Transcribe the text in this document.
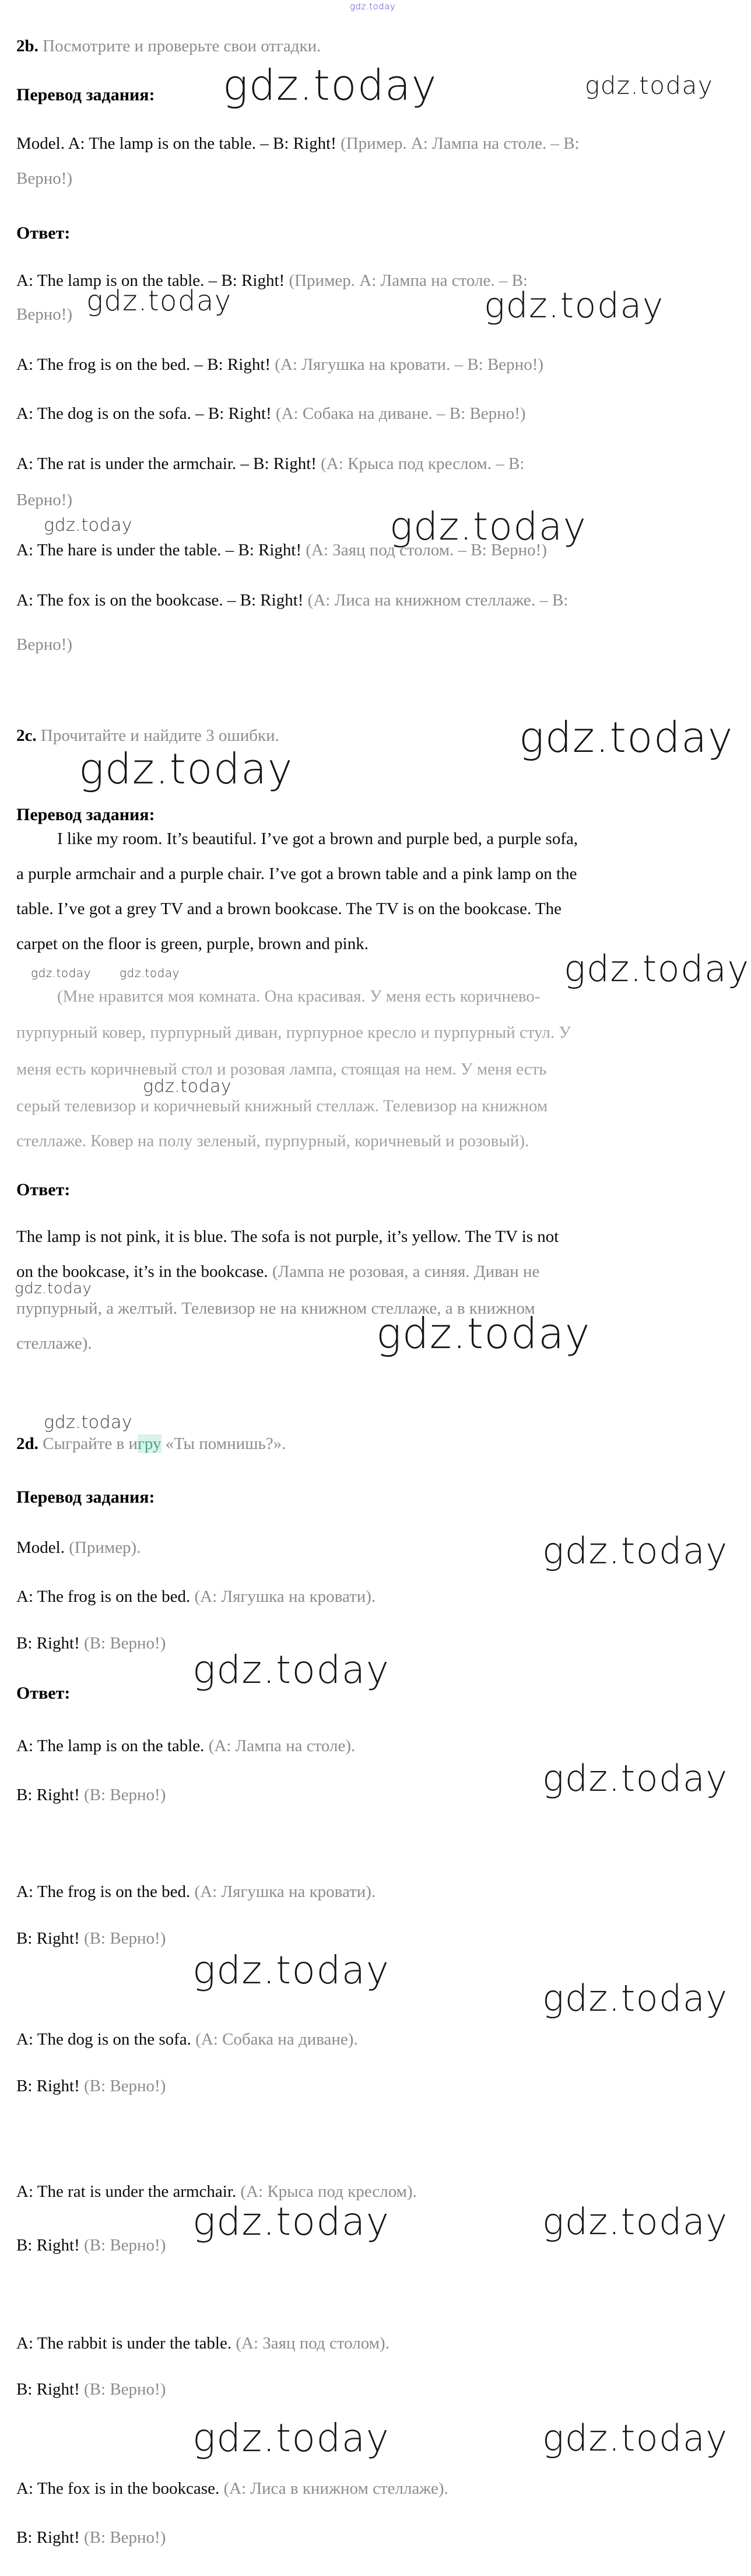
gdz.today
2b. Посмотрите и проверьте свои отгадки.
gdz.today	gdz.today
Перевод задания:
Model. A: The lamp is on the table. – B: Right! (Пример. А: Лампа на столе. – В:
Верно!)
Ответ:
A: The lamp is on the table. – B: Right! (Пример. А: Лампа на столе. – В:
gdz.today	gdz.today
Верно!)
A: The frog is on the bed. – B: Right! (А: Лягушка на кровати. – В: Верно!)
A: The dog is on the sofa. – B: Right! (А: Собака на диване. – В: Верно!)
A: The rat is under the armchair. – B: Right! (А: Крыса под креслом. – В:
Верно!)
gdz.today	gdz.today
A: The hare is under the table. – B: Right! (А: Заяц под столом. – В: Верно!)
A: The fox is on the bookcase. – B: Right! (А: Лиса на книжном стеллаже. – В:
Верно!)
gdz.today
2c. Прочитайте и найдите 3 ошибки.
gdz.today
Перевод задания:
I like my room. It’s beautiful. I’ve got a brown and purple bed, a purple sofa,
a purple armchair and a purple chair. I’ve got a brown table and a pink lamp on the
table. I’ve got a grey TV and a brown bookcase. The TV is on the bookcase. The
carpet on the floor is green, purple, brown and pink.
gdz.today gdz.today	gdz.today
(Мне нравится моя комната. Она красивая. У меня есть коричнево-
пурпурный ковер, пурпурный диван, пурпурное кресло и пурпурный стул. У
меня есть коричневый стол и розовая лампа, стоящая на нем. У меня есть
gdz.today
серый телевизор и коричневый книжный стеллаж. Телевизор на книжном
стеллаже. Ковер на полу зеленый, пурпурный, коричневый и розовый).
Ответ:
The lamp is not pink, it is blue. The sofa is not purple, it’s yellow. The TV is not
on the bookcase, it’s in the bookcase. (Лампа не розовая, а синяя. Диван не
gdz.today
пурпурный, а желтый. Телевизор не на книжном стеллаже, а в книжном
gdz.today
стеллаже).
gdz.today
2d. Сыграйте в игру «Ты помнишь?».
Перевод задания:
Model. (Пример).	gdz.today
A: The frog is on the bed. (А: Лягушка на кровати).
B: Right! (В: Верно!)
gdz.today
Ответ:
A: The lamp is on the table. (А: Лампа на столе).
gdz.today
B: Right! (В: Верно!)
A: The frog is on the bed. (А: Лягушка на кровати).
B: Right! (В: Верно!)
gdz.today
gdz.today
A: The dog is on the sofa. (А: Собака на диване).
B: Right! (В: Верно!)
A: The rat is under the armchair. (А: Крыса под креслом).
gdz.today	gdz.today
B: Right! (В: Верно!)
A: The rabbit is under the table. (А: Заяц под столом).
B: Right! (В: Верно!)
gdz.today	gdz.today
A: The fox is in the bookcase. (А: Лиса в книжном стеллаже).
B: Right! (В: Верно!)
